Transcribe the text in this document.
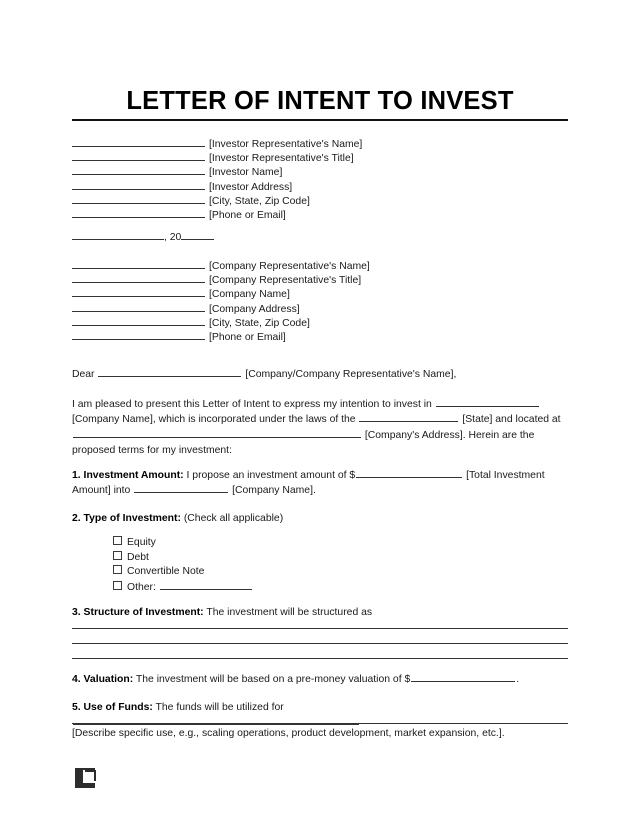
LETTER OF INTENT TO INVEST
[Investor Representative's Name]
[Investor Representative's Title]
[Investor Name]
[Investor Address]
[City, State, Zip Code]
[Phone or Email]
, 20
[Company Representative's Name]
[Company Representative's Title]
[Company Name]
[Company Address]
[City, State, Zip Code]
[Phone or Email]
Dear	[Company/Company Representative's Name],
I am pleased to present this Letter of Intent to express my intention to invest in
[Company Name], which is incorporated under the laws of the	[State] and located at
[Company's Address]. Herein are the
proposed terms for my investment:
1. Investment Amount: I propose an investment amount of $	[Total Investment
Amount] into	[Company Name].
2. Type of Investment: (Check all applicable)
Equity
Debt
Convertible Note
Other:
3. Structure of Investment: The investment will be structured as
4. Valuation: The investment will be based on a pre-money valuation of $	.
5. Use of Funds: The funds will be utilized for
[Describe specific use, e.g., scaling operations, product development, market expansion, etc.].
